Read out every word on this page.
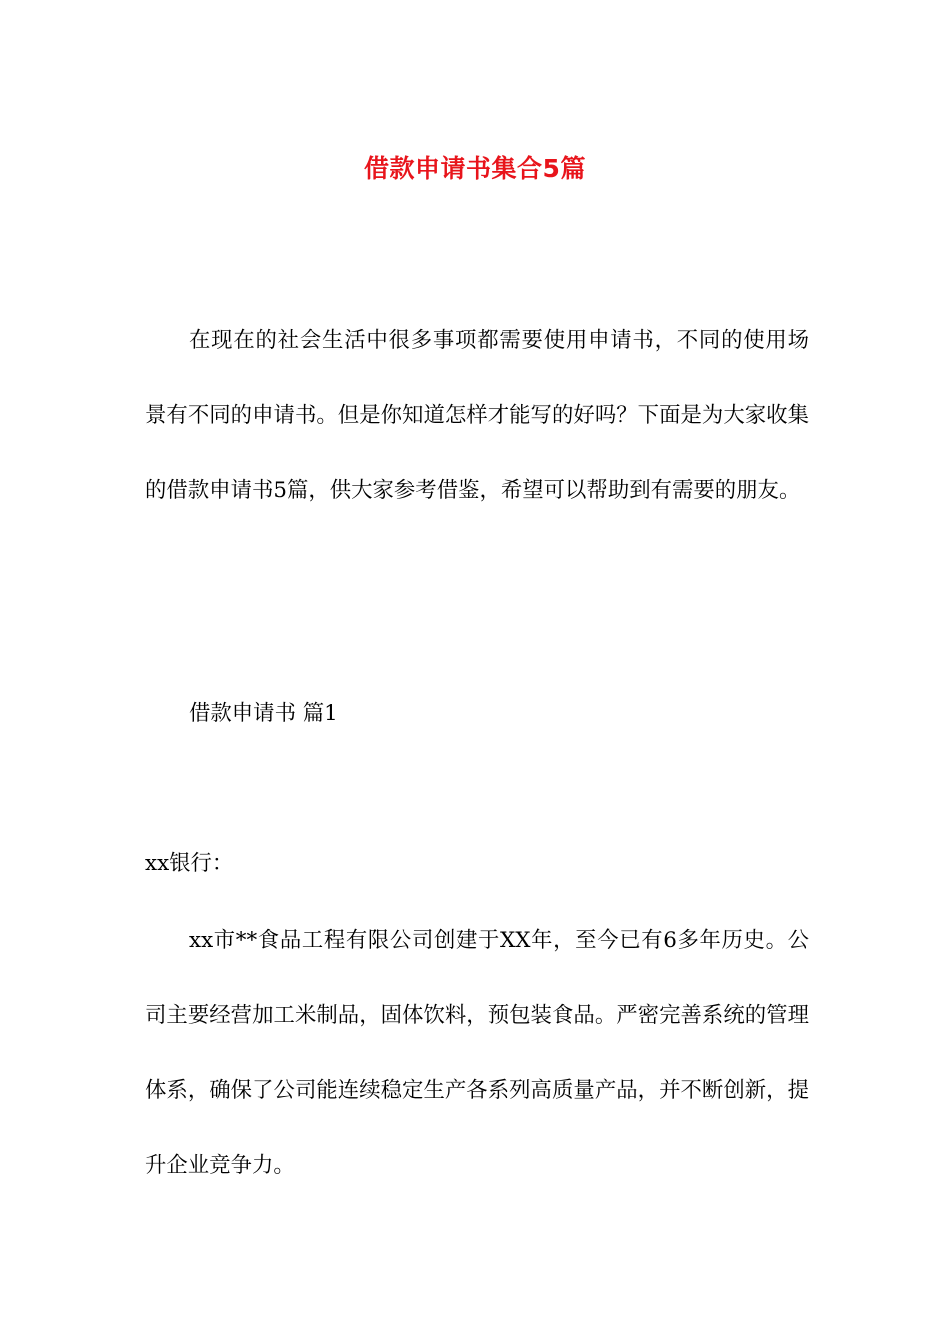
借款申请书集合5篇

在现在的社会生活中很多事项都需要使用申请书，不同的使用场景有不同的申请书。但是你知道怎样才能写的好吗？下面是为大家收集的借款申请书5篇，供大家参考借鉴，希望可以帮助到有需要的朋友。

借款申请书 篇1
xx银行：

xx市**食品工程有限公司创建于XX年，至今已有6多年历史。公司主要经营加工米制品，固体饮料，预包装食品。严密完善系统的管理体系，确保了公司能连续稳定生产各系列高质量产品，并不断创新，提升企业竞争力。
